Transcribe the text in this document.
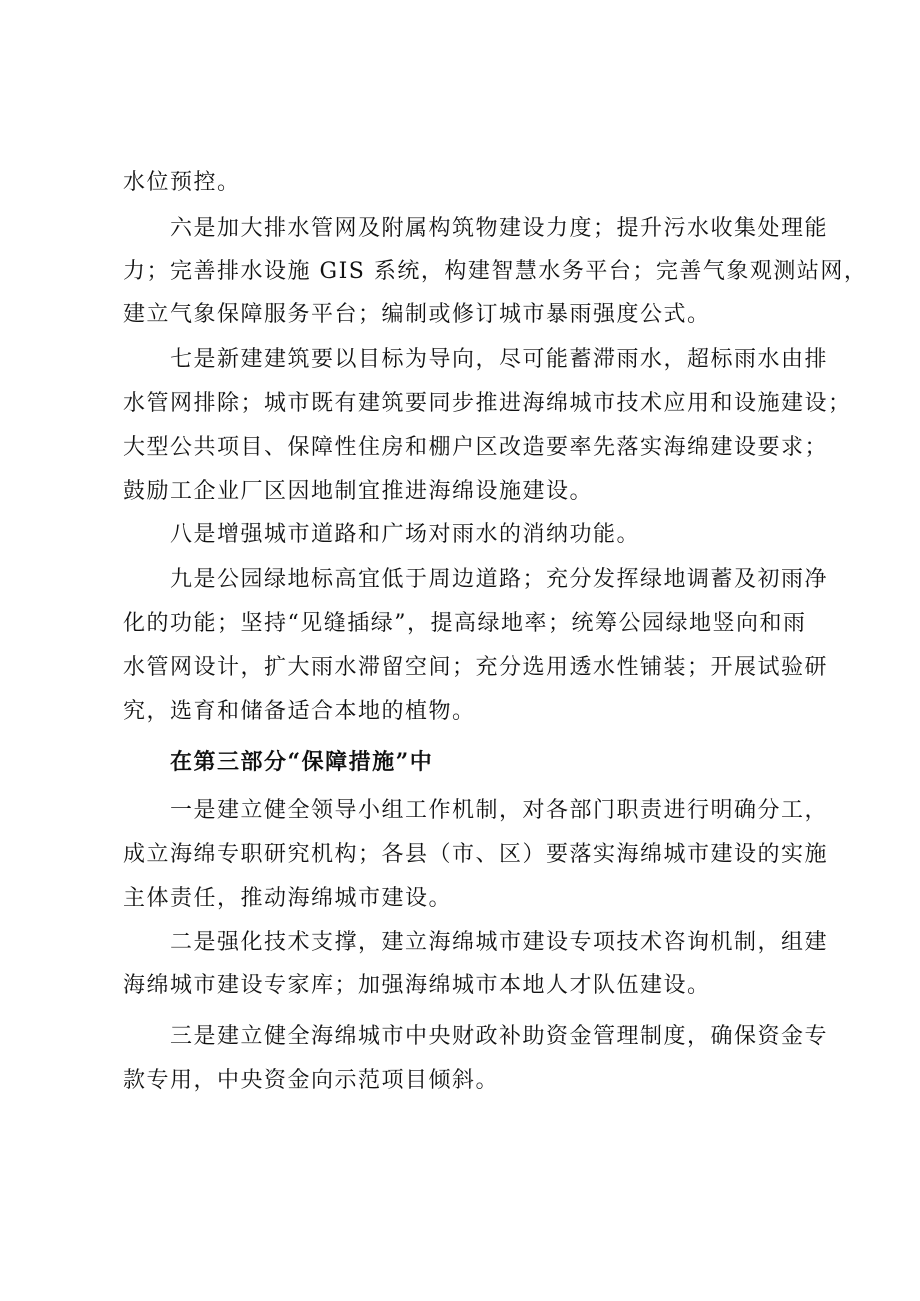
水位预控。
六是加大排水管网及附属构筑物建设力度；提升污水收集处理能
力；完善排水设施 GIS 系统，构建智慧水务平台；完善气象观测站网，
建立气象保障服务平台；编制或修订城市暴雨强度公式。
七是新建建筑要以目标为导向，尽可能蓄滞雨水，超标雨水由排
水管网排除；城市既有建筑要同步推进海绵城市技术应用和设施建设；
大型公共项目、保障性住房和棚户区改造要率先落实海绵建设要求；
鼓励工企业厂区因地制宜推进海绵设施建设。
八是增强城市道路和广场对雨水的消纳功能。
九是公园绿地标高宜低于周边道路；充分发挥绿地调蓄及初雨净
化的功能；坚持“见缝插绿”，提高绿地率；统筹公园绿地竖向和雨
水管网设计，扩大雨水滞留空间；充分选用透水性铺装；开展试验研
究，选育和储备适合本地的植物。
在第三部分“保障措施”中
一是建立健全领导小组工作机制，对各部门职责进行明确分工，
成立海绵专职研究机构；各县（市、区）要落实海绵城市建设的实施
主体责任，推动海绵城市建设。
二是强化技术支撑，建立海绵城市建设专项技术咨询机制，组建
海绵城市建设专家库；加强海绵城市本地人才队伍建设。
三是建立健全海绵城市中央财政补助资金管理制度，确保资金专
款专用，中央资金向示范项目倾斜。
